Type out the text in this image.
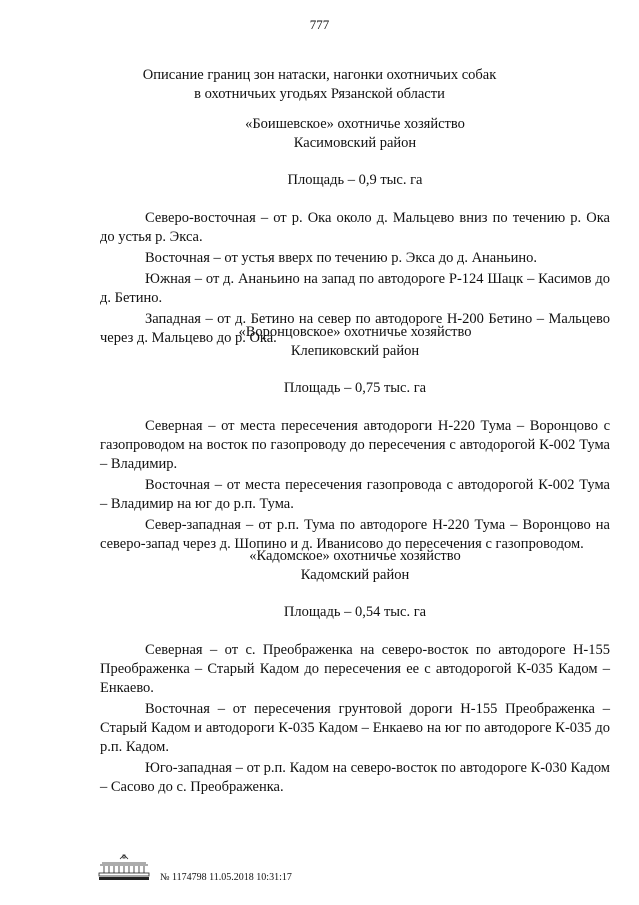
777
Описание границ зон натаски, нагонки охотничьих собак
в охотничьих угодьях Рязанской области
«Боишевское» охотничье хозяйство
Касимовский район
Площадь – 0,9 тыс. га

Северо-восточная – от р. Ока около д. Мальцево вниз по течению р. Ока до устья р. Экса.

Восточная – от устья вверх по течению р. Экса до д. Ананьино.

Южная – от д. Ананьино на запад по автодороге Р-124 Шацк – Касимов до д. Бетино.

Западная – от д. Бетино на север по автодороге Н-200 Бетино – Мальцево через д. Мальцево до р. Ока.

«Воронцовское» охотничье хозяйство
Клепиковский район
Площадь – 0,75 тыс. га

Северная – от места пересечения автодороги Н-220 Тума – Воронцово с газопроводом на восток по газопроводу до пересечения с автодорогой К-002 Тума – Владимир.

Восточная – от места пересечения газопровода с автодорогой К-002 Тума – Владимир на юг до р.п. Тума.

Север-западная – от р.п. Тума по автодороге Н-220 Тума – Воронцово на северо-запад через д. Шопино и д. Иванисово до пересечения с газопроводом.

«Кадомское» охотничье хозяйство
Кадомский район
Площадь – 0,54 тыс. га

Северная – от с. Преображенка на северо-восток по автодороге Н-155 Преображенка – Старый Кадом до пересечения ее с автодорогой К-035 Кадом – Енкаево.

Восточная – от пересечения грунтовой дороги Н-155 Преображенка – Старый Кадом и автодороги К-035 Кадом – Енкаево на юг по автодороге К-035 до р.п. Кадом.

Юго-западная – от р.п. Кадом на северо-восток по автодороге К-030 Кадом – Сасово до с. Преображенка.

№ 1174798 11.05.2018 10:31:17
